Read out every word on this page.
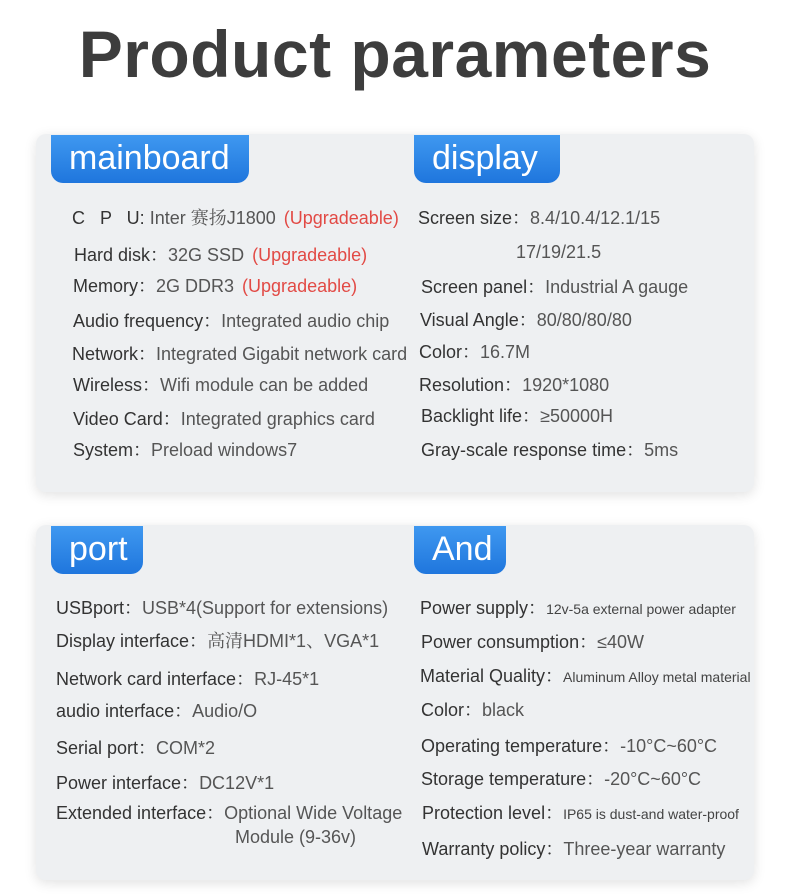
Product parameters
mainboard	display
C   P   U: Inter 赛扬J1800 (Upgradeable)
Hard disk：32G SSD (Upgradeable)
Memory：2G DDR3 (Upgradeable)
Audio frequency：Integrated audio chip
Network：Integrated Gigabit network card
Wireless：Wifi module can be added
Video Card：Integrated graphics card
System：Preload windows7
Screen size：8.4/10.4/12.1/15
17/19/21.5
Screen panel：Industrial A gauge
Visual Angle：80/80/80/80
Color：16.7M
Resolution：1920*1080
Backlight life：≥50000H
Gray-scale response time：5ms
port	And
USBport：USB*4(Support for extensions)
Display interface：高清HDMI*1、VGA*1
Network card interface：RJ-45*1
audio interface：Audio/O
Serial port：COM*2
Power interface：DC12V*1
Extended interface：Optional Wide Voltage
Module (9-36v)
Power supply：12v-5a external power adapter
Power consumption：≤40W
Material Quality：Aluminum Alloy metal material
Color：black
Operating temperature：-10°C~60°C
Storage temperature：-20°C~60°C
Protection level：IP65 is dust-and water-proof
Warranty policy：Three-year warranty
